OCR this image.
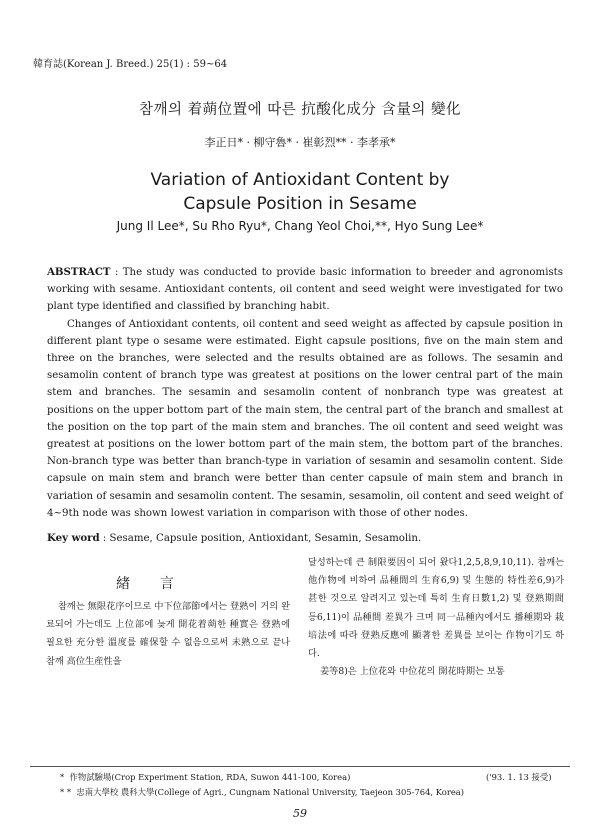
韓育誌(Korean J. Breed.) 25(1) : 59~64
참깨의 着蒴位置에 따른 抗酸化成分 含量의 變化
李正日* · 柳守魯* · 崔彰烈** · 李孝承*
Variation of Antioxidant Content by
Capsule Position in Sesame
Jung Il Lee*, Su Rho Ryu*, Chang Yeol Choi,**, Hyo Sung Lee*

ABSTRACT : The study was conducted to provide basic information to breeder and agronomists working with sesame. Antioxidant contents, oil content and seed weight were investigated for two plant type identified and classified by branching habit.

Changes of Antioxidant contents, oil content and seed weight as affected by capsule position in different plant type o sesame were estimated. Eight capsule positions, five on the main stem and three on the branches, were selected and the results obtained are as follows. The sesamin and sesamolin content of branch type was greatest at positions on the lower central part of the main stem and branches. The sesamin and sesamolin content of nonbranch type was greatest at positions on the upper bottom part of the main stem, the central part of the branch and smallest at the position on the top part of the main stem and branches. The oil content and seed weight was greatest at positions on the lower bottom part of the main stem, the bottom part of the branches. Non-branch type was better than branch-type in variation of sesamin and sesamolin content. Side capsule on main stem and branch were better than center capsule of main stem and branch in variation of sesamin and sesamolin content. The sesamin, sesamolin, oil content and seed weight of 4~9th node was shown lowest variation in comparison with those of other nodes.

Key word : Sesame, Capsule position, Antioxidant, Sesamin, Sesamolin.
緖言

참깨는 無限花序이므로 中下位部節에서는 登熟이 거의 완료되어 가는데도 上位部에 늦게 開花着蒴한 種實은 登熟에 필요한 充分한 溫度를 確保할 수 없음으로써 未熟으로 끝나 참깨 高位生産性을

달성하는데 큰 制限要因이 되어 왔다1,2,5,8,9,10,11). 참깨는 他作物에 비하여 品種間의 生育6,9) 및 生態的 特性差6,9)가 甚한 것으로 알려지고 있는데 특히 生育日數1,2) 및 登熟期間 등6,11)이 品種間 差異가 크며 同一品種內에서도 播種期와 栽培法에 따라 登熟反應에 顯著한 差異를 보이는 作物이기도 하다.

姜等8)은 上位花와 中位花의 開花時期는 보통

* 作物試驗場(Crop Experiment Station, RDA, Suwon 441-100, Korea)
* * 忠南大學校 農科大學(College of Agri., Cungnam National University, Taejeon 305-764, Korea)
('93. 1. 13 接受)
59
